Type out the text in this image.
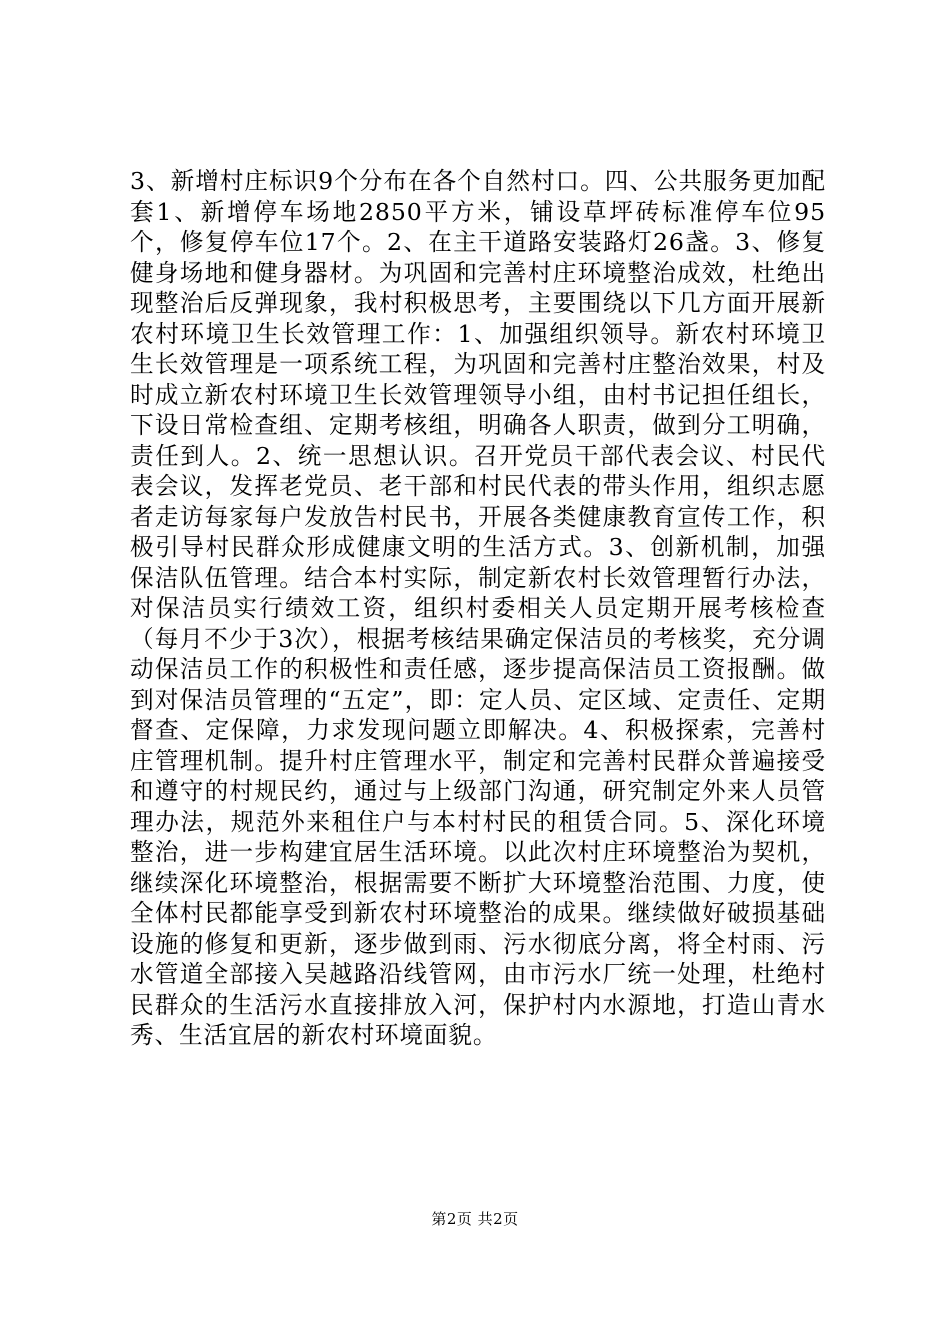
3、新增村庄标识9个分布在各个自然村口。四、公共服务更加配套1、新增停车场地2850平方米，铺设草坪砖标准停车位95个，修复停车位17个。2、在主干道路安装路灯26盏。3、修复健身场地和健身器材。为巩固和完善村庄环境整治成效，杜绝出现整治后反弹现象，我村积极思考，主要围绕以下几方面开展新农村环境卫生长效管理工作：1、加强组织领导。新农村环境卫生长效管理是一项系统工程，为巩固和完善村庄整治效果，村及时成立新农村环境卫生长效管理领导小组，由村书记担任组长，下设日常检查组、定期考核组，明确各人职责，做到分工明确，责任到人。2、统一思想认识。召开党员干部代表会议、村民代表会议，发挥老党员、老干部和村民代表的带头作用，组织志愿者走访每家每户发放告村民书，开展各类健康教育宣传工作，积极引导村民群众形成健康文明的生活方式。3、创新机制，加强保洁队伍管理。结合本村实际，制定新农村长效管理暂行办法，对保洁员实行绩效工资，组织村委相关人员定期开展考核检查（每月不少于3次），根据考核结果确定保洁员的考核奖，充分调动保洁员工作的积极性和责任感，逐步提高保洁员工资报酬。做到对保洁员管理的“五定”，即：定人员、定区域、定责任、定期督查、定保障，力求发现问题立即解决。4、积极探索，完善村庄管理机制。提升村庄管理水平，制定和完善村民群众普遍接受和遵守的村规民约，通过与上级部门沟通，研究制定外来人员管理办法，规范外来租住户与本村村民的租赁合同。5、深化环境整治，进一步构建宜居生活环境。以此次村庄环境整治为契机，继续深化环境整治，根据需要不断扩大环境整治范围、力度，使全体村民都能享受到新农村环境整治的成果。继续做好破损基础设施的修复和更新，逐步做到雨、污水彻底分离，将全村雨、污水管道全部接入吴越路沿线管网，由市污水厂统一处理，杜绝村民群众的生活污水直接排放入河，保护村内水源地，打造山青水秀、生活宜居的新农村环境面貌。

第2页 共2页
